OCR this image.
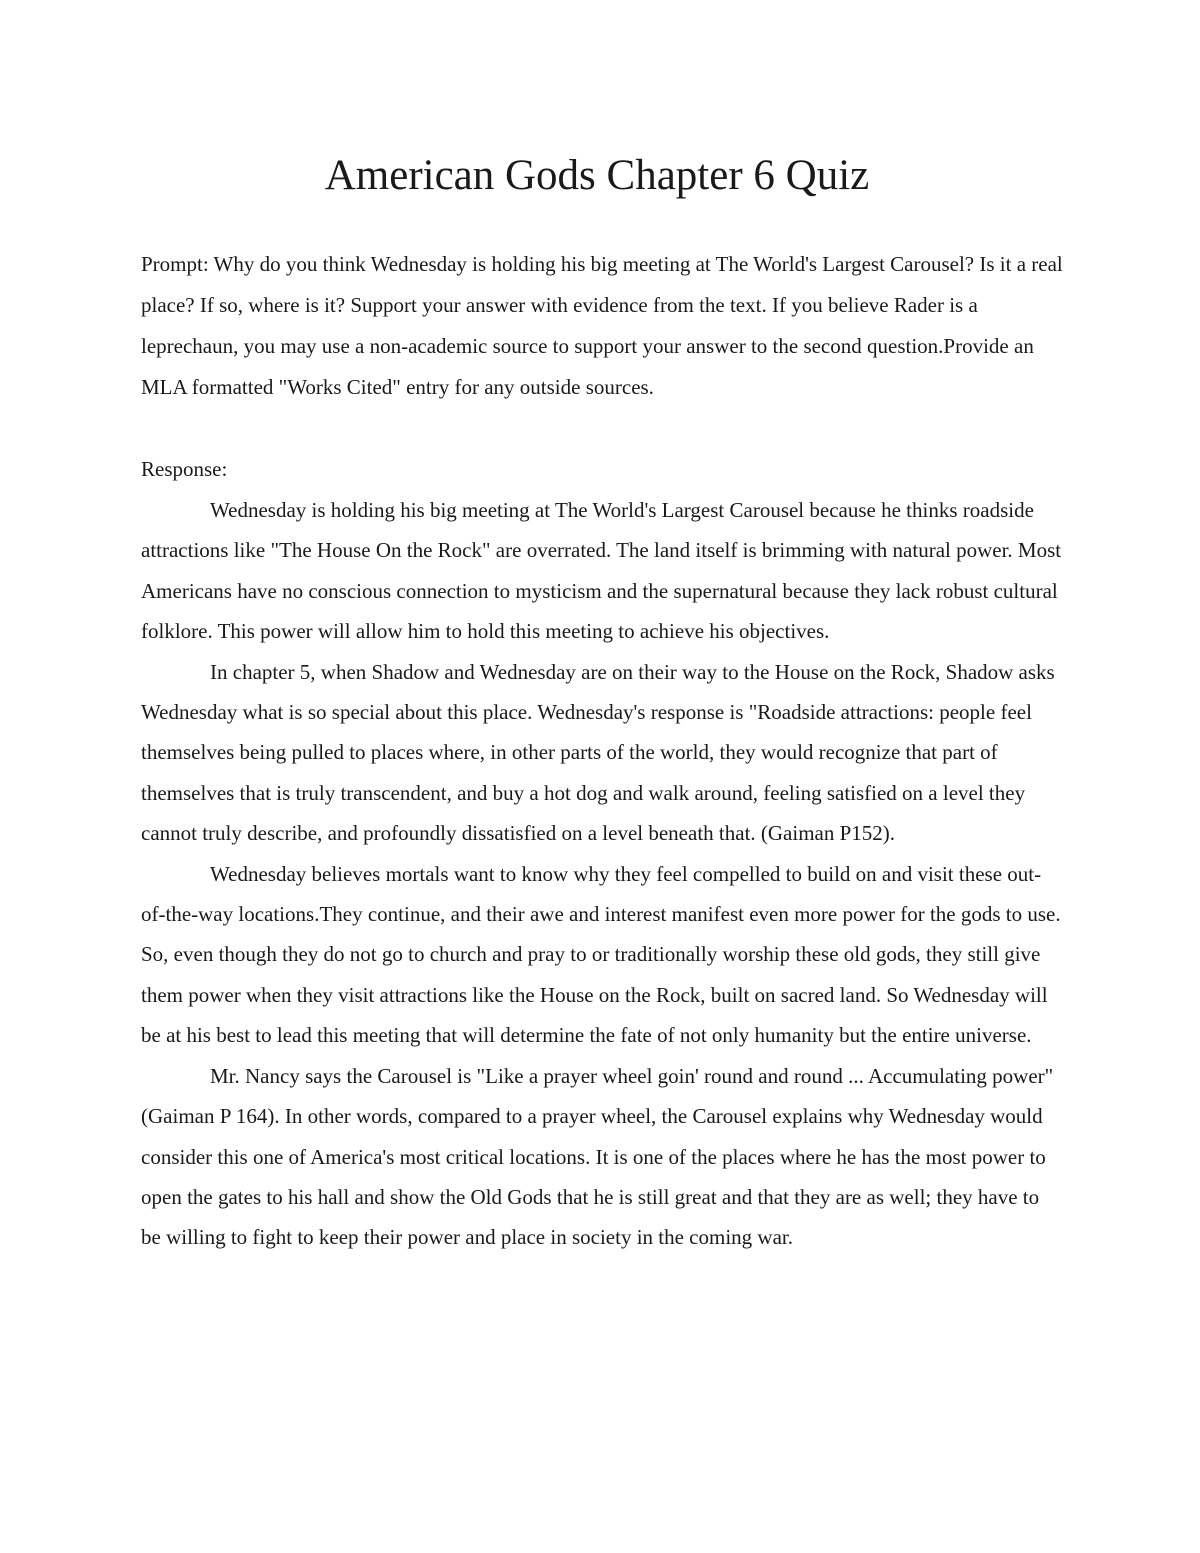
American Gods Chapter 6 Quiz

Prompt: Why do you think Wednesday is holding his big meeting at The World's Largest Carousel? Is it a real place? If so, where is it? Support your answer with evidence from the text. If you believe Rader is a leprechaun, you may use a non-academic source to support your answer to the second question.Provide an MLA formatted "Works Cited" entry for any outside sources.

Response:

Wednesday is holding his big meeting at The World's Largest Carousel because he thinks roadside attractions like "The House On the Rock" are overrated. The land itself is brimming with natural power. Most Americans have no conscious connection to mysticism and the supernatural because they lack robust cultural folklore. This power will allow him to hold this meeting to achieve his objectives.

In chapter 5, when Shadow and Wednesday are on their way to the House on the Rock, Shadow asks Wednesday what is so special about this place. Wednesday's response is "Roadside attractions: people feel themselves being pulled to places where, in other parts of the world, they would recognize that part of themselves that is truly transcendent, and buy a hot dog and walk around, feeling satisfied on a level they cannot truly describe, and profoundly dissatisfied on a level beneath that. (Gaiman P152).

Wednesday believes mortals want to know why they feel compelled to build on and visit these out-of-the-way locations.They continue, and their awe and interest manifest even more power for the gods to use. So, even though they do not go to church and pray to or traditionally worship these old gods, they still give them power when they visit attractions like the House on the Rock, built on sacred land. So Wednesday will be at his best to lead this meeting that will determine the fate of not only humanity but the entire universe.

Mr. Nancy says the Carousel is "Like a prayer wheel goin' round and round ... Accumulating power"(Gaiman P 164). In other words, compared to a prayer wheel, the Carousel explains why Wednesday would consider this one of America's most critical locations. It is one of the places where he has the most power to open the gates to his hall and show the Old Gods that he is still great and that they are as well; they have to be willing to fight to keep their power and place in society in the coming war.
